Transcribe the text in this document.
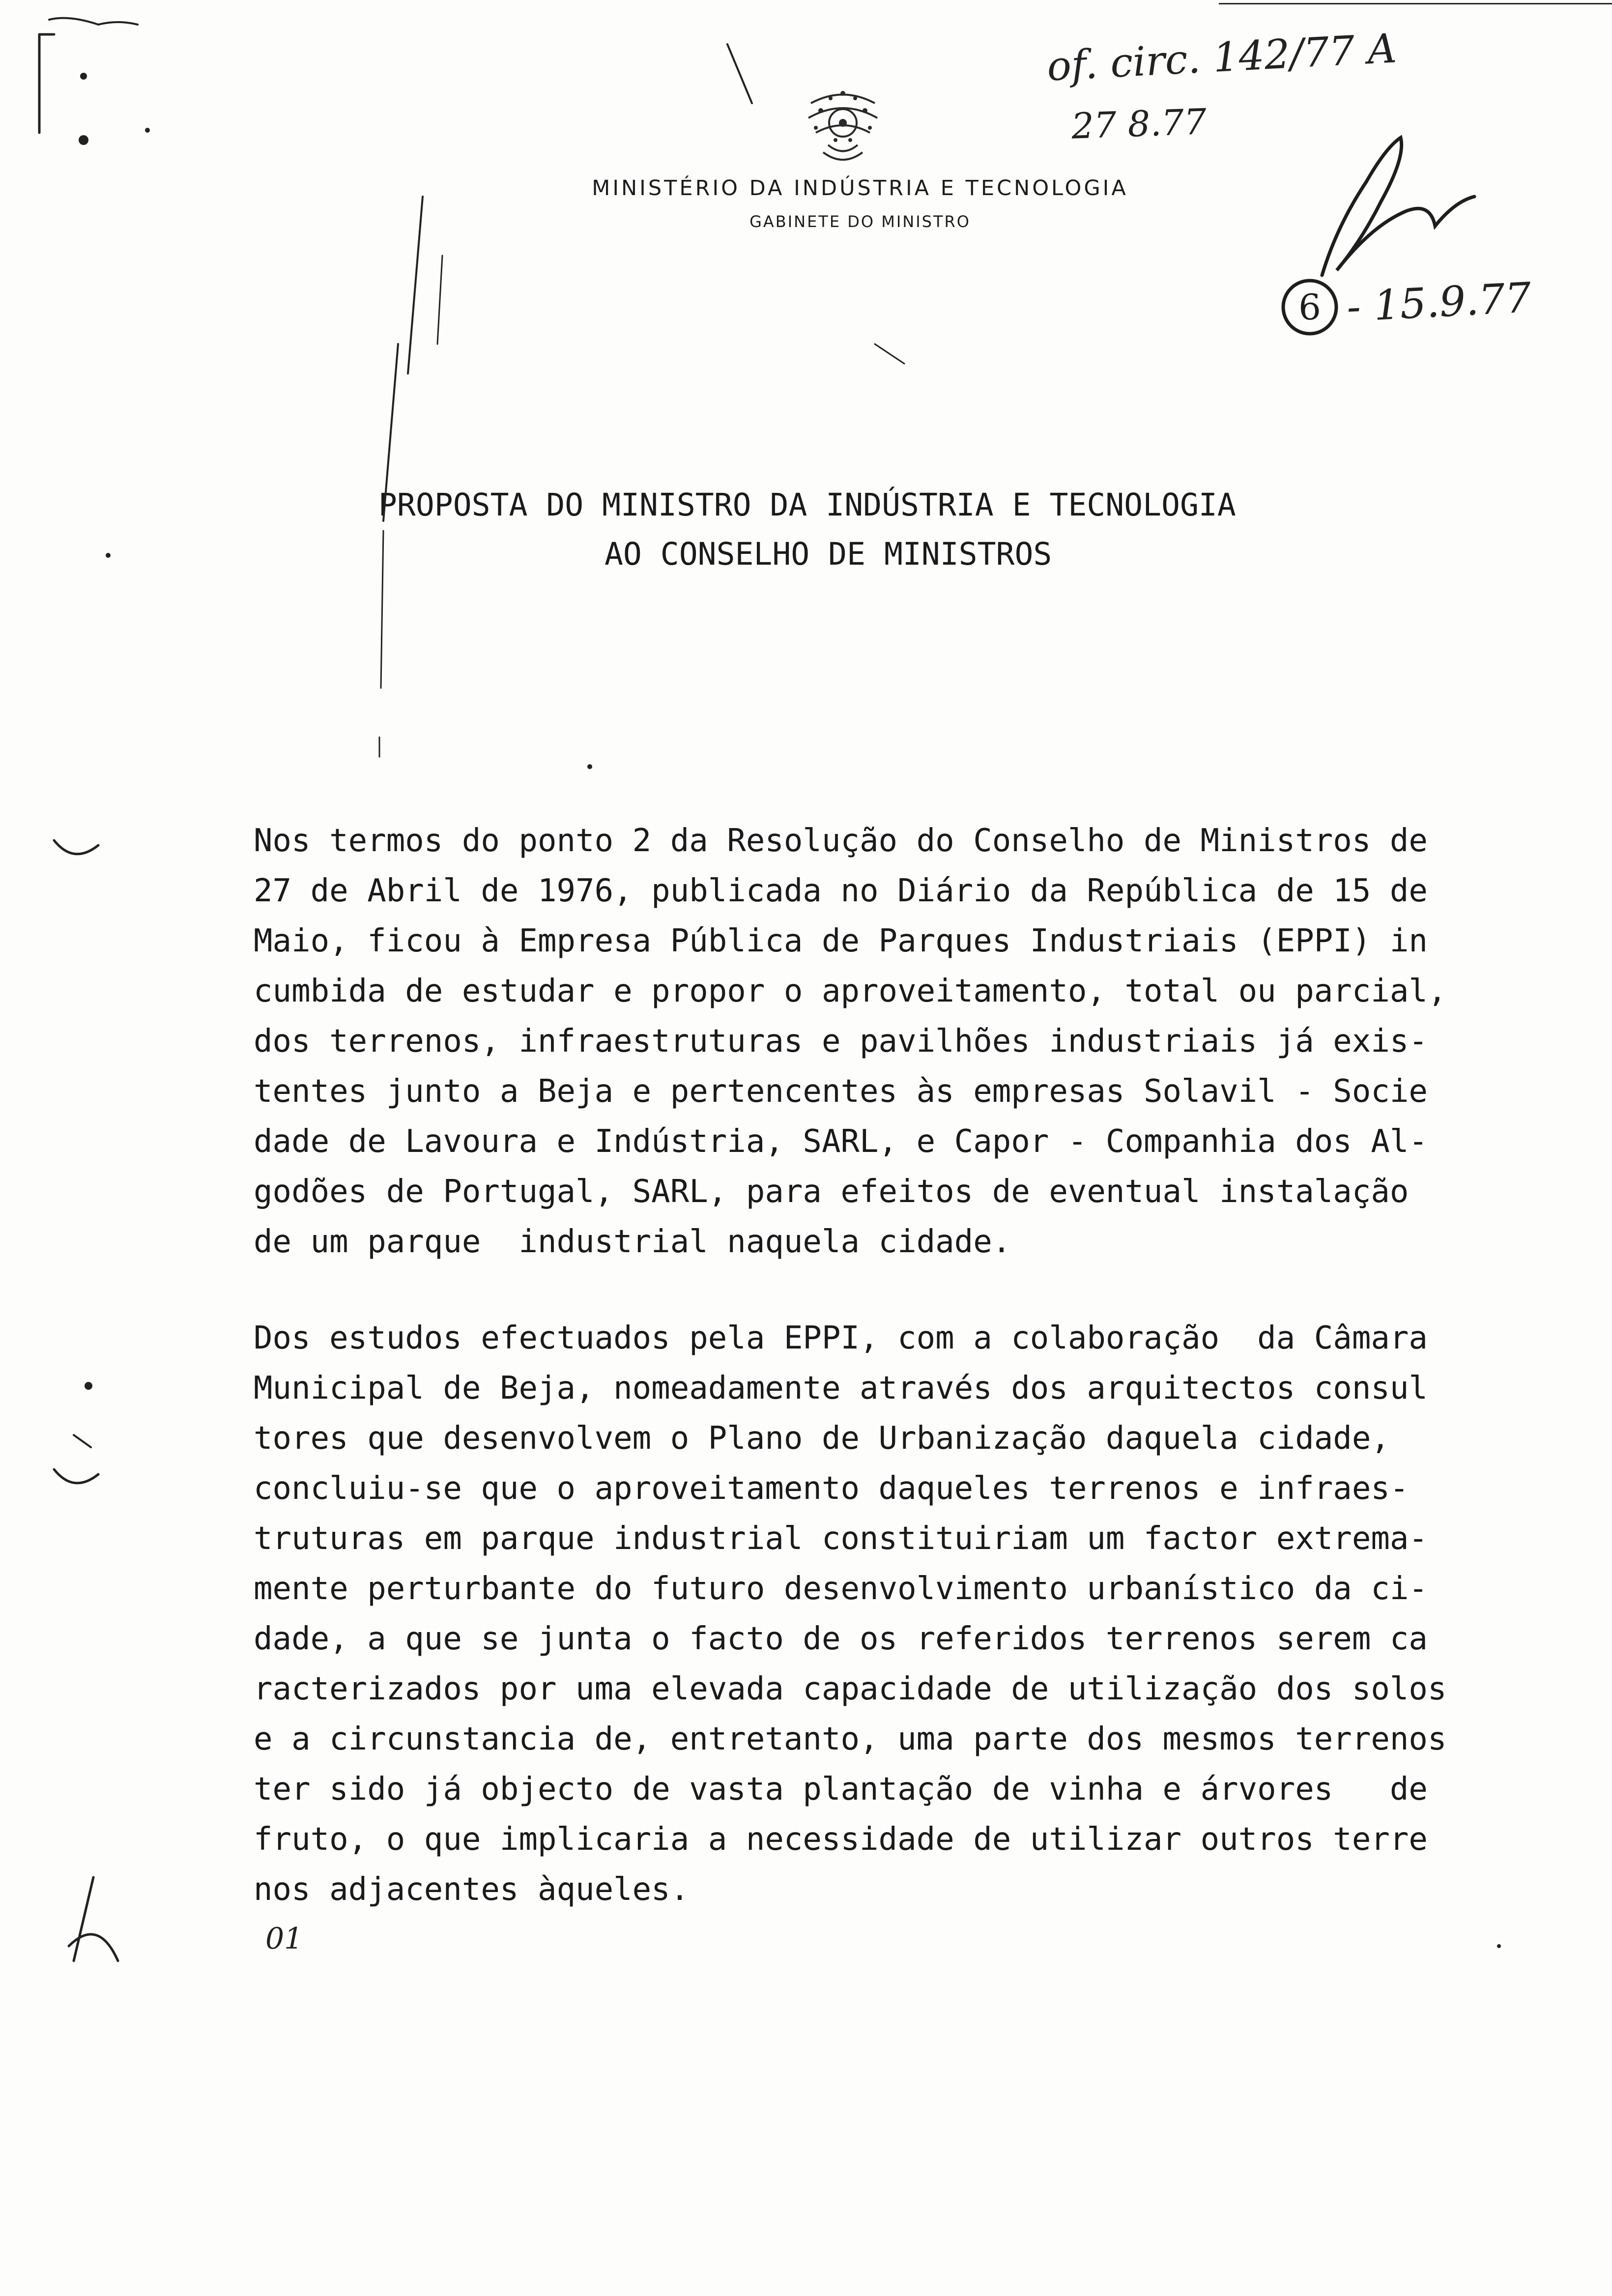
MINISTÉRIO DA INDÚSTRIA E TECNOLOGIA
GABINETE DO MINISTRO
of. circ. 142/77 A
27 8.77
6 - 15.9.77
PROPOSTA DO MINISTRO DA INDÚSTRIA E TECNOLOGIA
AO CONSELHO DE MINISTROS
Nos termos do ponto 2 da Resolução do Conselho de Ministros de
27 de Abril de 1976, publicada no Diário da República de 15 de
Maio, ficou à Empresa Pública de Parques Industriais (EPPI) in
cumbida de estudar e propor o aproveitamento, total ou parcial,
dos terrenos, infraestruturas e pavilhões industriais já exis-
tentes junto a Beja e pertencentes às empresas Solavil - Socie
dade de Lavoura e Indústria, SARL, e Capor - Companhia dos Al-
godões de Portugal, SARL, para efeitos de eventual instalação
de um parque  industrial naquela cidade.
Dos estudos efectuados pela EPPI, com a colaboração  da Câmara
Municipal de Beja, nomeadamente através dos arquitectos consul
tores que desenvolvem o Plano de Urbanização daquela cidade,
concluiu-se que o aproveitamento daqueles terrenos e infraes-
truturas em parque industrial constituiriam um factor extrema-
mente perturbante do futuro desenvolvimento urbanístico da ci-
dade, a que se junta o facto de os referidos terrenos serem ca
racterizados por uma elevada capacidade de utilização dos solos
e a circunstancia de, entretanto, uma parte dos mesmos terrenos
ter sido já objecto de vasta plantação de vinha e árvores   de
fruto, o que implicaria a necessidade de utilizar outros terre
nos adjacentes àqueles.
01
